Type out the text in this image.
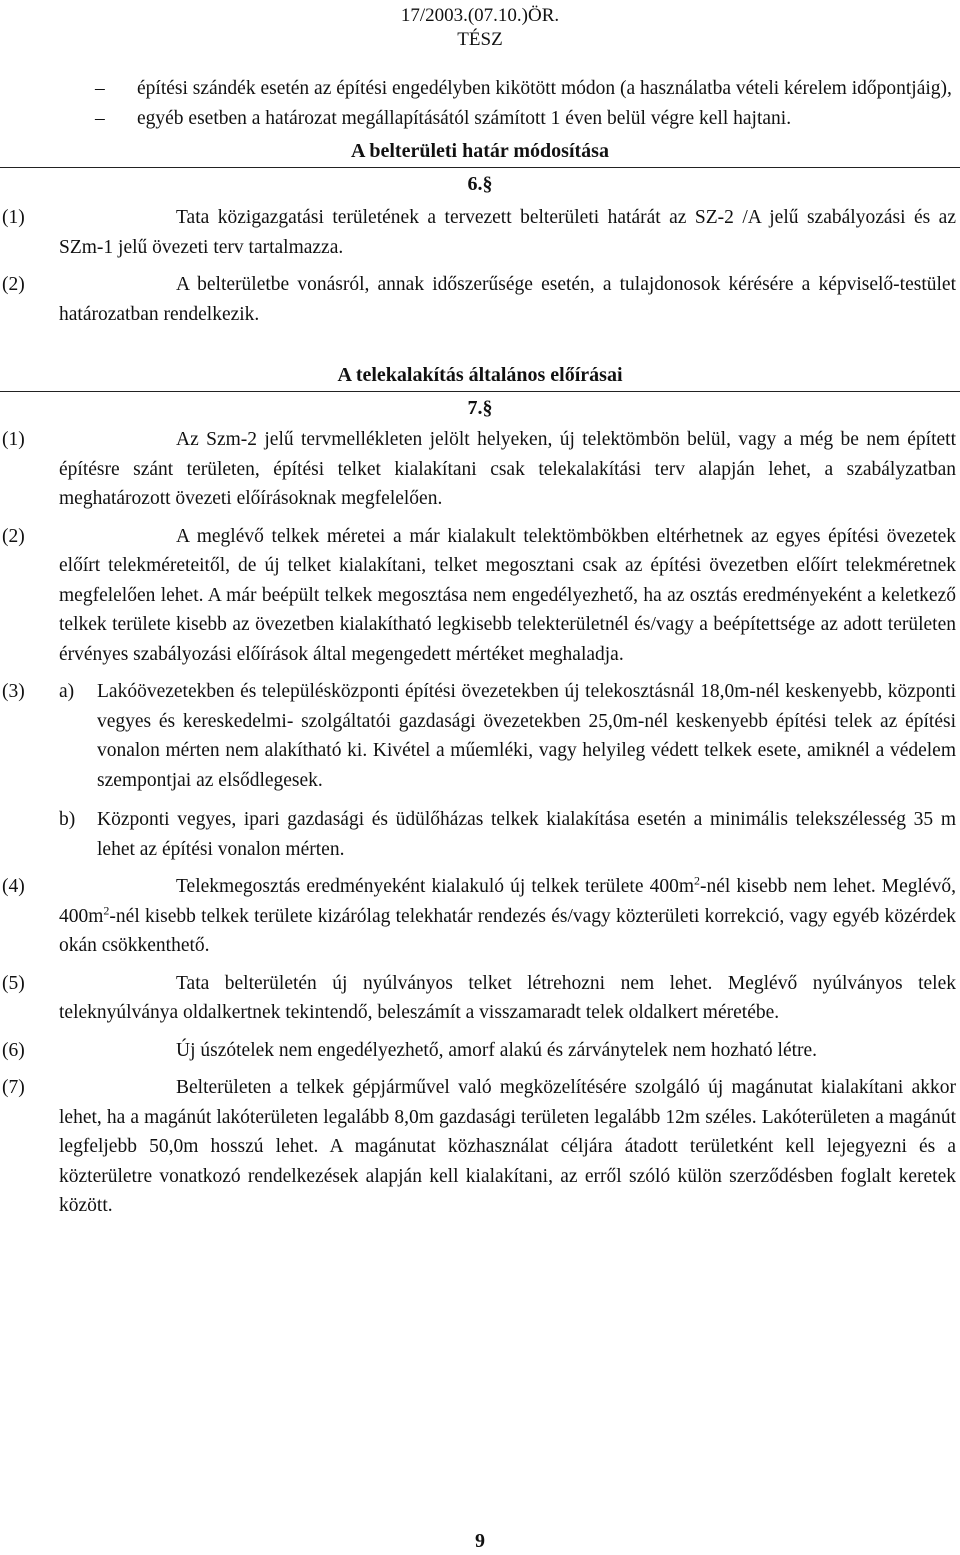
17/2003.(07.10.)ÖR.
TÉSZ
– építési szándék esetén az építési engedélyben kikötött módon (a használatba vételi kérelem időpontjáig),
– egyéb esetben a határozat megállapításától számított 1 éven belül végre kell hajtani.
A belterületi határ módosítása
6.§
(1)	Tata közigazgatási területének a tervezett belterületi határát az SZ-2 /A jelű szabályozási és az SZm-1 jelű övezeti terv tartalmazza.
(2)	A belterületbe vonásról, annak időszerűsége esetén, a tulajdonosok kérésére a képviselő-testület határozatban rendelkezik.
A telekalakítás általános előírásai
7.§
(1)	Az Szm-2 jelű tervmellékleten jelölt helyeken, új telektömbön belül, vagy a még be nem épített építésre szánt területen, építési telket kialakítani csak telekalakítási terv alapján lehet, a szabályzatban meghatározott övezeti előírásoknak megfelelően.
(2)	A meglévő telkek méretei a már kialakult telektömbökben eltérhetnek az egyes építési övezetek előírt telekméreteitől, de új telket kialakítani, telket megosztani csak az építési övezetben előírt telekméretnek megfelelően lehet. A már beépült telkek megosztása nem engedélyezhető, ha az osztás eredményeként a keletkező telkek területe kisebb az övezetben kialakítható legkisebb telekterületnél és/vagy a beépítettsége az adott területen érvényes szabályozási előírások által megengedett mértéket meghaladja.
(3) a) Lakóövezetekben és településközponti építési övezetekben új telekosztásnál 18,0m-nél keskenyebb, központi vegyes és kereskedelmi- szolgáltatói gazdasági övezetekben 25,0m-nél keskenyebb építési telek az építési vonalon mérten nem alakítható ki. Kivétel a műemléki, vagy helyileg védett telkek esete, amiknél a védelem szempontjai az elsődlegesek.
b) Központi vegyes, ipari gazdasági és üdülőházas telkek kialakítása esetén a minimális telekszélesség 35 m lehet az építési vonalon mérten.
(4)	Telekmegosztás eredményeként kialakuló új telkek területe $400m^2$-nél kisebb nem lehet. Meglévő, $400m^2$-nél kisebb telkek területe kizárólag telekhatár rendezés és/vagy közterületi korrekció, vagy egyéb közérdek okán csökkenthető.
(5)	Tata belterületén új nyúlványos telket létrehozni nem lehet. Meglévő nyúlványos telek teleknyúlványa oldalkertnek tekintendő, beleszámít a visszamaradt telek oldalkert méretébe.
(6)	Új úszótelek nem engedélyezhető, amorf alakú és zárványtelek nem hozható létre.
(7)	Belterületen a telkek gépjárművel való megközelítésére szolgáló új magánutat kialakítani akkor lehet, ha a magánút lakóterületen legalább 8,0m gazdasági területen legalább 12m széles. Lakóterületen a magánút legfeljebb 50,0m hosszú lehet. A magánutat közhasználat céljára átadott területként kell lejegyezni és a közterületre vonatkozó rendelkezések alapján kell kialakítani, az erről szóló külön szerződésben foglalt keretek között.
9
